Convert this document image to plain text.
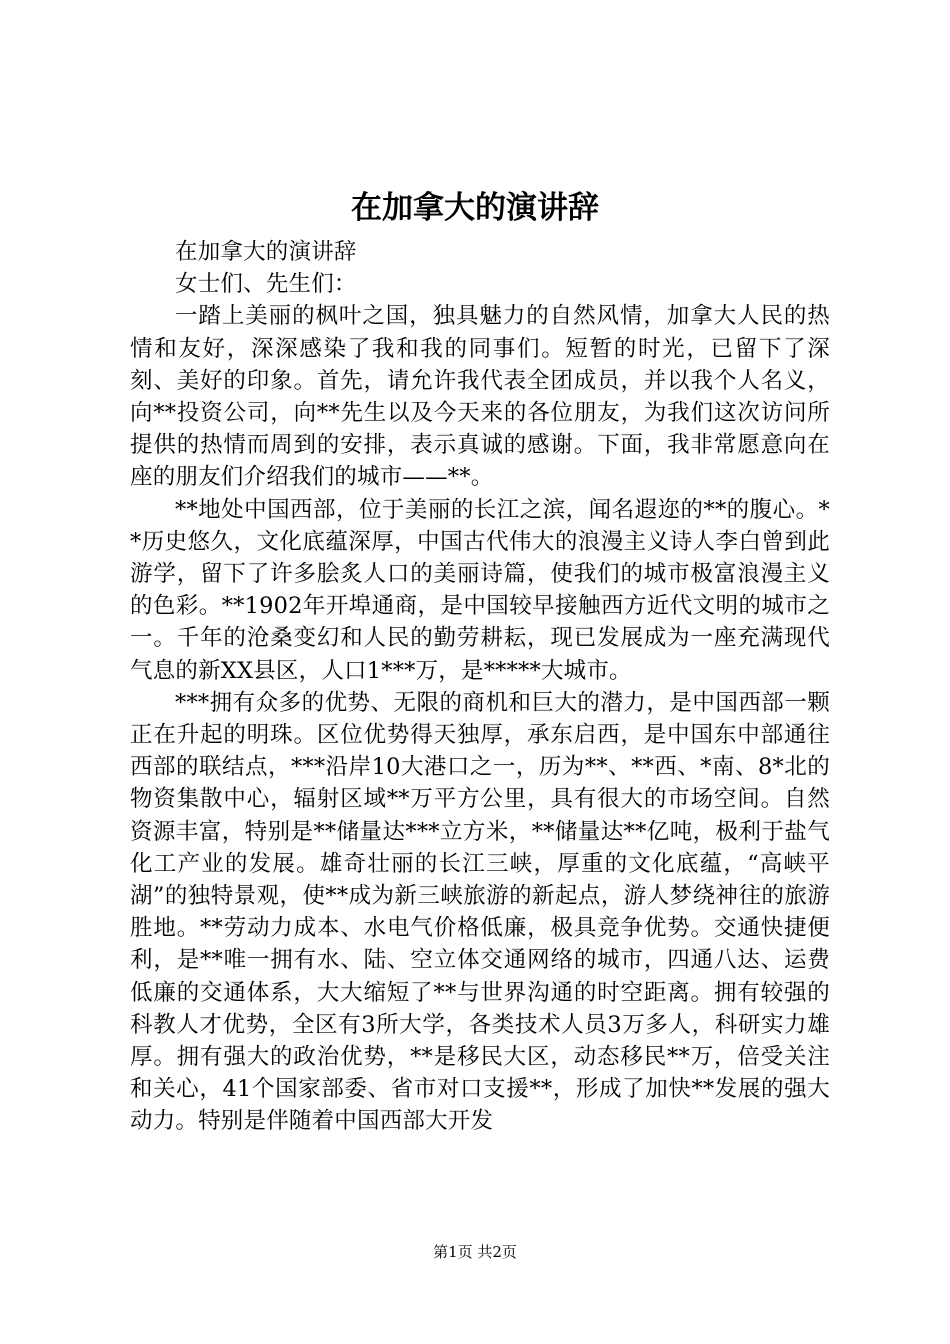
在加拿大的演讲辞

在加拿大的演讲辞

女士们、先生们：

一踏上美丽的枫叶之国，独具魅力的自然风情，加拿大人民的热情和友好，深深感染了我和我的同事们。短暂的时光，已留下了深刻、美好的印象。首先，请允许我代表全团成员，并以我个人名义，向**投资公司，向**先生以及今天来的各位朋友，为我们这次访问所提供的热情而周到的安排，表示真诚的感谢。下面，我非常愿意向在座的朋友们介绍我们的城市——**。

**地处中国西部，位于美丽的长江之滨，闻名遐迩的**的腹心。**历史悠久，文化底蕴深厚，中国古代伟大的浪漫主义诗人李白曾到此游学，留下了许多脍炙人口的美丽诗篇，使我们的城市极富浪漫主义的色彩。**1902年开埠通商，是中国较早接触西方近代文明的城市之一。千年的沧桑变幻和人民的勤劳耕耘，现已发展成为一座充满现代气息的新XX县区，人口1***万，是*****大城市。

***拥有众多的优势、无限的商机和巨大的潜力，是中国西部一颗正在升起的明珠。区位优势得天独厚，承东启西，是中国东中部通往西部的联结点，***沿岸10大港口之一，历为**、**西、*南、8*北的物资集散中心，辐射区域**万平方公里，具有很大的市场空间。自然资源丰富，特别是**储量达***立方米，**储量达**亿吨，极利于盐气化工产业的发展。雄奇壮丽的长江三峡，厚重的文化底蕴，“高峡平湖”的独特景观，使**成为新三峡旅游的新起点，游人梦绕神往的旅游胜地。**劳动力成本、水电气价格低廉，极具竞争优势。交通快捷便利，是**唯一拥有水、陆、空立体交通网络的城市，四通八达、运费低廉的交通体系，大大缩短了**与世界沟通的时空距离。拥有较强的科教人才优势，全区有3所大学，各类技术人员3万多人，科研实力雄厚。拥有强大的政治优势，**是移民大区，动态移民**万，倍受关注和关心，41个国家部委、省市对口支援**，形成了加快**发展的强大动力。特别是伴随着中国西部大开发

第1页 共2页
